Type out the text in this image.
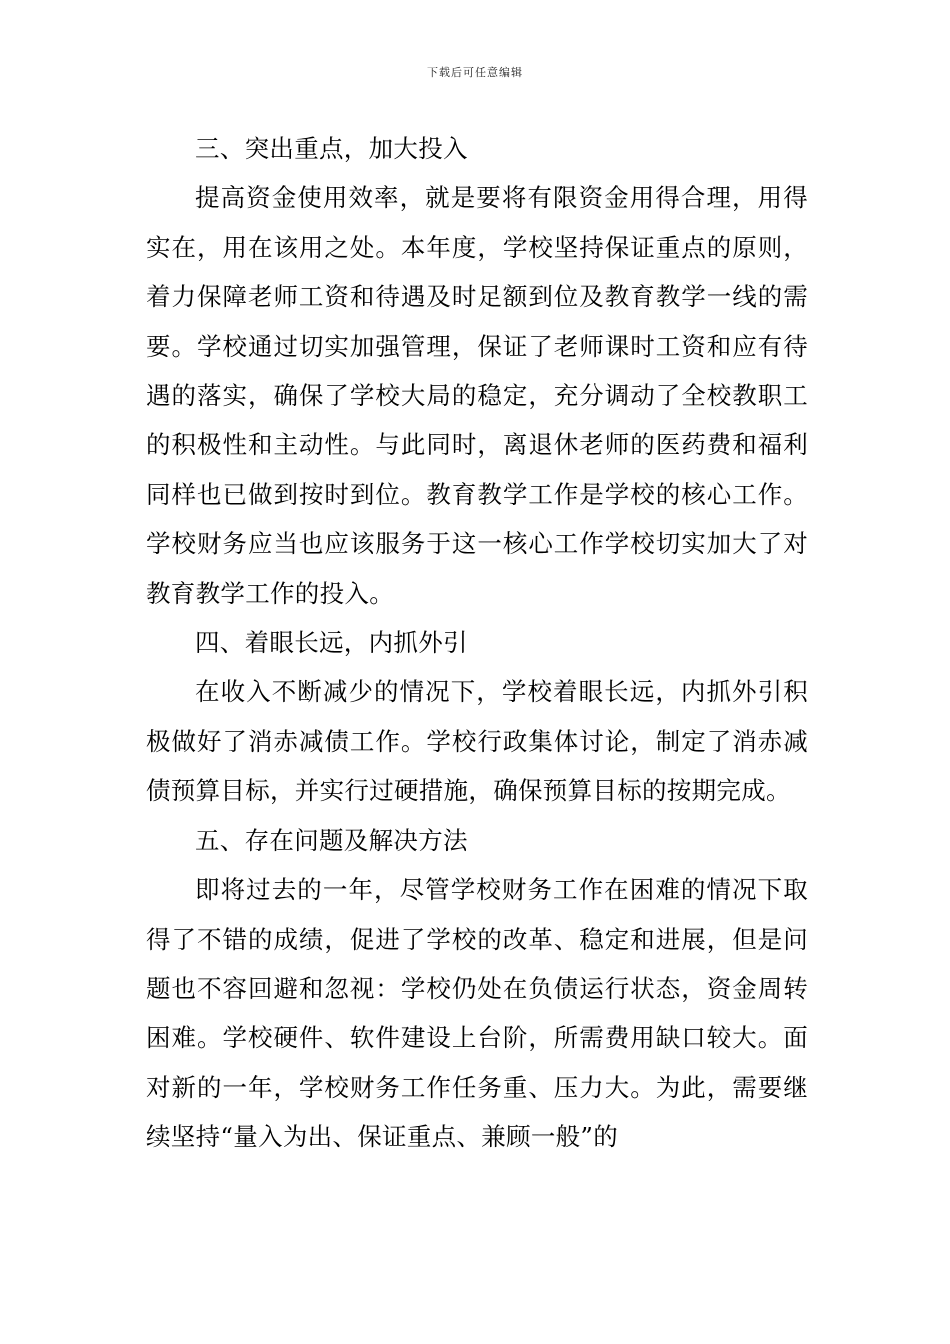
下载后可任意编辑

三、突出重点，加大投入

提高资金使用效率，就是要将有限资金用得合理，用得实在，用在该用之处。本年度，学校坚持保证重点的原则，着力保障老师工资和待遇及时足额到位及教育教学一线的需要。学校通过切实加强管理，保证了老师课时工资和应有待遇的落实，确保了学校大局的稳定，充分调动了全校教职工的积极性和主动性。与此同时，离退休老师的医药费和福利同样也已做到按时到位。教育教学工作是学校的核心工作。学校财务应当也应该服务于这一核心工作学校切实加大了对教育教学工作的投入。

四、着眼长远，内抓外引

在收入不断减少的情况下，学校着眼长远，内抓外引积极做好了消赤减债工作。学校行政集体讨论，制定了消赤减债预算目标，并实行过硬措施，确保预算目标的按期完成。

五、存在问题及解决方法

即将过去的一年，尽管学校财务工作在困难的情况下取得了不错的成绩，促进了学校的改革、稳定和进展，但是问题也不容回避和忽视：学校仍处在负债运行状态，资金周转困难。学校硬件、软件建设上台阶，所需费用缺口较大。面对新的一年，学校财务工作任务重、压力大。为此，需要继续坚持“量入为出、保证重点、兼顾一般”的
